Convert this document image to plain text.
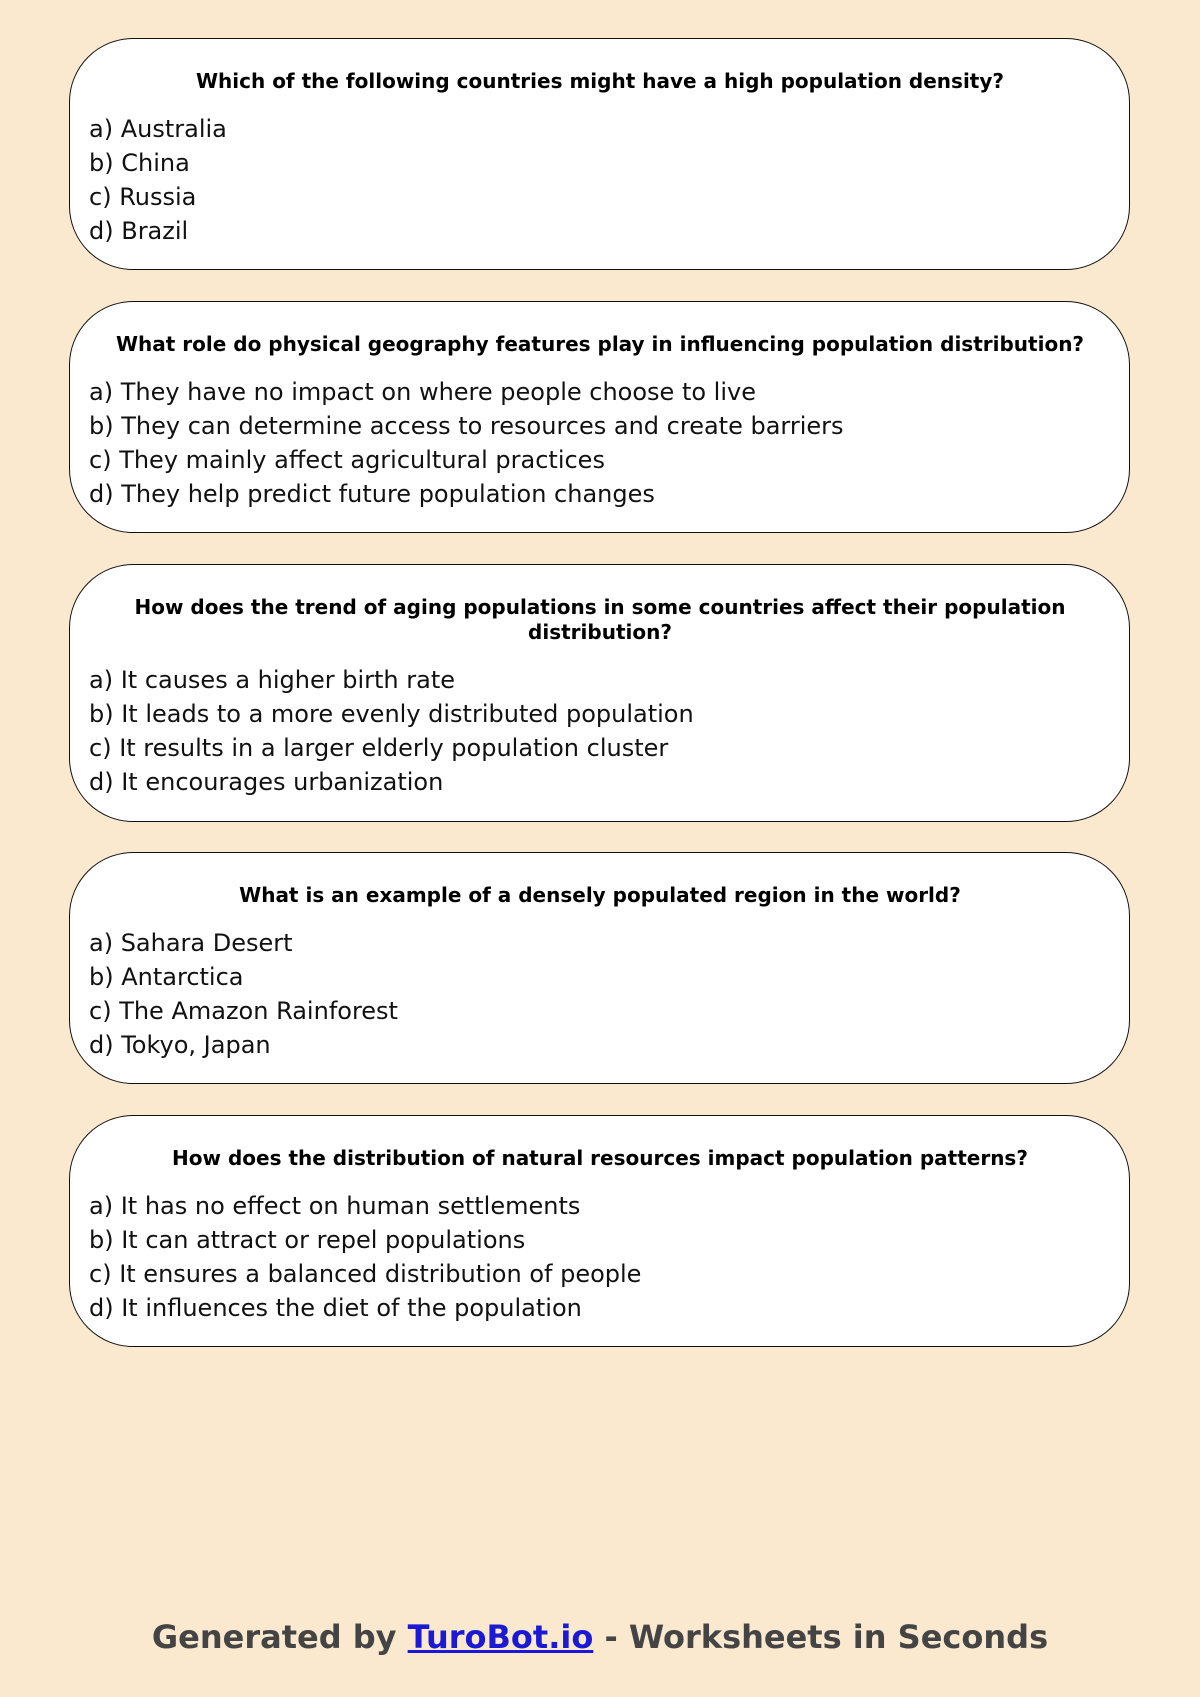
Which of the following countries might have a high population density?

a) Australia

b) China

c) Russia

d) Brazil

What role do physical geography features play in influencing population distribution?

a) They have no impact on where people choose to live

b) They can determine access to resources and create barriers

c) They mainly affect agricultural practices

d) They help predict future population changes

How does the trend of aging populations in some countries affect their population distribution?

a) It causes a higher birth rate

b) It leads to a more evenly distributed population

c) It results in a larger elderly population cluster

d) It encourages urbanization

What is an example of a densely populated region in the world?

a) Sahara Desert

b) Antarctica

c) The Amazon Rainforest

d) Tokyo, Japan

How does the distribution of natural resources impact population patterns?

a) It has no effect on human settlements

b) It can attract or repel populations

c) It ensures a balanced distribution of people

d) It influences the diet of the population

Generated by TuroBot.io - Worksheets in Seconds
